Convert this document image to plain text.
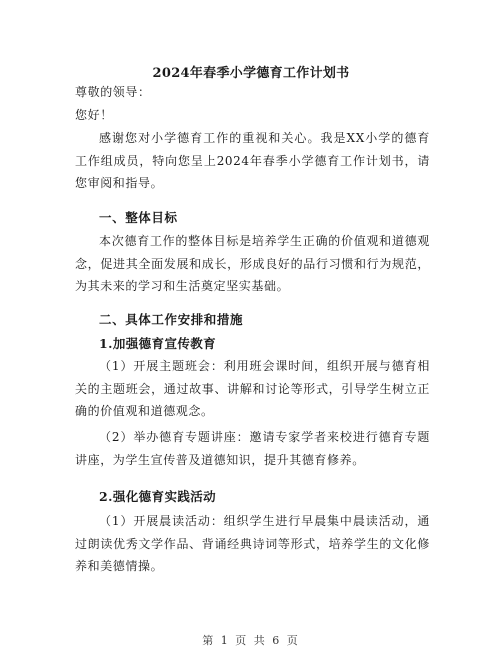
2024年春季小学德育工作计划书

尊敬的领导：

您好！

感谢您对小学德育工作的重视和关心。我是XX小学的德育工作组成员，特向您呈上2024年春季小学德育工作计划书，请您审阅和指导。

一、整体目标

本次德育工作的整体目标是培养学生正确的价值观和道德观念，促进其全面发展和成长，形成良好的品行习惯和行为规范，为其未来的学习和生活奠定坚实基础。

二、具体工作安排和措施
1.加强德育宣传教育

（1）开展主题班会：利用班会课时间，组织开展与德育相关的主题班会，通过故事、讲解和讨论等形式，引导学生树立正确的价值观和道德观念。

（2）举办德育专题讲座：邀请专家学者来校进行德育专题讲座，为学生宣传普及道德知识，提升其德育修养。

2.强化德育实践活动

（1）开展晨读活动：组织学生进行早晨集中晨读活动，通过朗读优秀文学作品、背诵经典诗词等形式，培养学生的文化修养和美德情操。

第 1 页 共 6 页
